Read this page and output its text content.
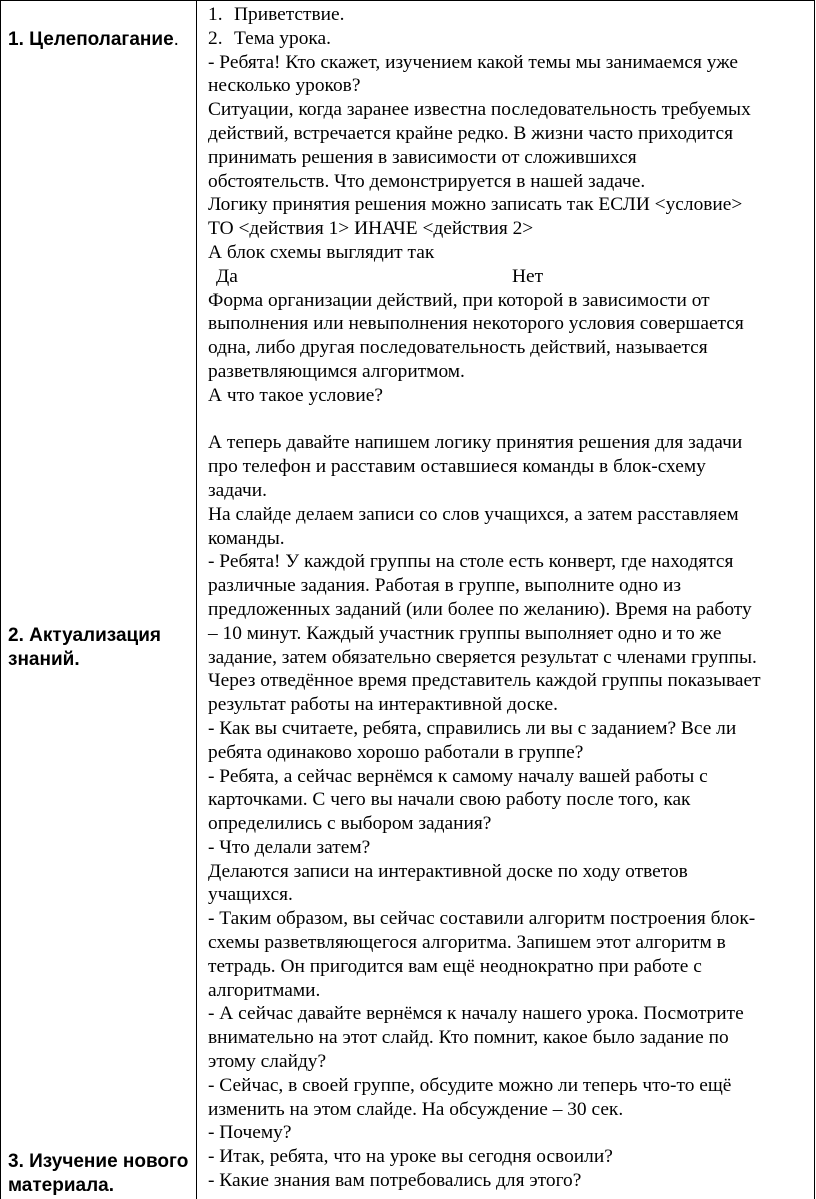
1. Целеполагание.
2. Актуализация
знаний.
3. Изучение нового
материала.
1. Приветствие.
2. Тема урока.
- Ребята! Кто скажет, изучением какой темы мы занимаемся уже
несколько уроков?
Ситуации, когда заранее известна последовательность требуемых
действий, встречается крайне редко. В жизни часто приходится
принимать решения в зависимости от сложившихся
обстоятельств. Что демонстрируется в нашей задаче.
Логику принятия решения можно записать так ЕСЛИ <условие>
ТО <действия 1> ИНАЧЕ <действия 2>
А блок схемы выглядит так
Да	Нет
Форма организации действий, при которой в зависимости от
выполнения или невыполнения некоторого условия совершается
одна, либо другая последовательность действий, называется
разветвляющимся алгоритмом.
А что такое условие?
А теперь давайте напишем логику принятия решения для задачи
про телефон и расставим оставшиеся команды в блок-схему
задачи.
На слайде делаем записи со слов учащихся, а затем расставляем
команды.
- Ребята! У каждой группы на столе есть конверт, где находятся
различные задания. Работая в группе, выполните одно из
предложенных заданий (или более по желанию). Время на работу
– 10 минут. Каждый участник группы выполняет одно и то же
задание, затем обязательно сверяется результат с членами группы.
Через отведённое время представитель каждой группы показывает
результат работы на интерактивной доске.
- Как вы считаете, ребята, справились ли вы с заданием? Все ли
ребята одинаково хорошо работали в группе?
- Ребята, а сейчас вернёмся к самому началу вашей работы с
карточками. С чего вы начали свою работу после того, как
определились с выбором задания?
- Что делали затем?
Делаются записи на интерактивной доске по ходу ответов
учащихся.
- Таким образом, вы сейчас составили алгоритм построения блок-
схемы разветвляющегося алгоритма. Запишем этот алгоритм в
тетрадь. Он пригодится вам ещё неоднократно при работе с
алгоритмами.
- А сейчас давайте вернёмся к началу нашего урока. Посмотрите
внимательно на этот слайд. Кто помнит, какое было задание по
этому слайду?
- Сейчас, в своей группе, обсудите можно ли теперь что-то ещё
изменить на этом слайде. На обсуждение – 30 сек.
- Почему?
- Итак, ребята, что на уроке вы сегодня освоили?
- Какие знания вам потребовались для этого?
